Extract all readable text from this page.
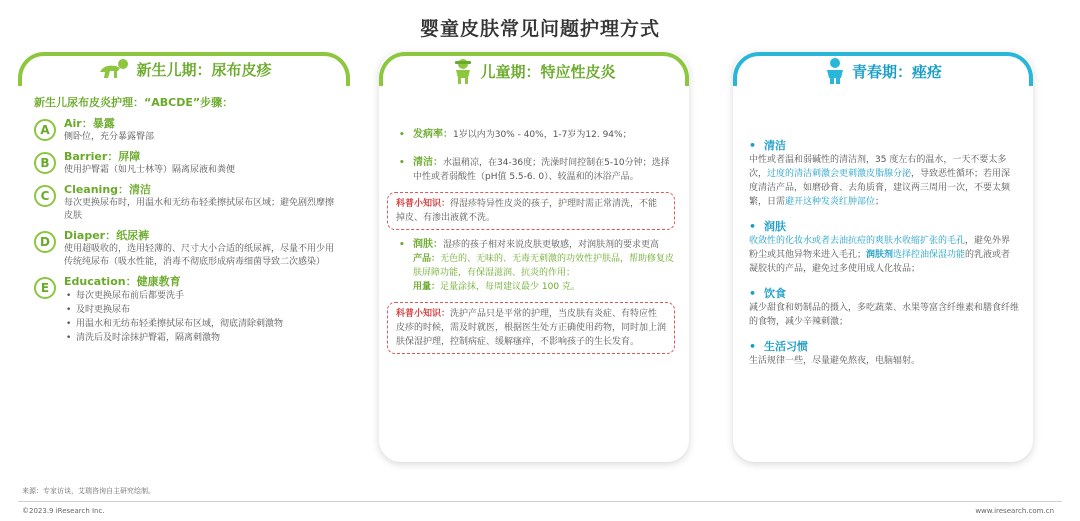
婴童皮肤常见问题护理方式
新生儿期：尿布皮疹
新生儿尿布皮炎护理：“ABCDE”步骤：
A	Air：暴露
侧卧位，充分暴露臀部
B	Barrier：屏障
使用护臀霜（如凡士林等）隔离尿液和粪便
C	Cleaning：清洁
每次更换尿布时，用温水和无纺布轻柔擦拭尿布区域；避免剧烈摩擦皮肤
D	Diaper：纸尿裤
使用超吸收的，选用轻薄的、尺寸大小合适的纸尿裤，尽量不用少用传统纯尿布（吸水性能，消毒不彻底形成病毒细菌导致二次感染）
E	Education：健康教育
• 每次更换尿布前后都要洗手
• 及时更换尿布
• 用温水和无纺布轻柔擦拭尿布区域，彻底清除刺激物
• 清洗后及时涂抹护臀霜，隔离刺激物
儿童期：特应性皮炎
• 发病率：1岁以内为30% - 40%，1-7岁为12. 94%；
• 清洁：水温稍凉，在34-36度；洗澡时间控制在5-10分钟；选择中性或者弱酸性（pH值 5.5-6. 0）、较温和的沐浴产品。
科普小知识：得湿疹特异性皮炎的孩子，护理时需正常清洗，不能掉皮、有渗出液就不洗。
• 润肤：湿疹的孩子相对来说皮肤更敏感，对润肤剂的要求更高
产品：无色的、无味的、无毒无刺激的功效性护肤品，帮助修复皮肤屏障功能，有保湿滋润、抗炎的作用；
用量：足量涂抹，每周建议最少 100 克。
科普小知识：洗护产品只是平常的护理，当皮肤有炎症、有特应性皮疹的时候，需及时就医，根据医生处方正确使用药物，同时加上润肤保湿护理，控制病症、缓解瘙痒，不影响孩子的生长发育。
青春期：痤疮
• 清洁
中性或者温和弱碱性的清洁剂，35 度左右的温水，一天不要太多次，过度的清洁刺激会更刺激皮脂腺分泌，导致恶性循环；若用深度清洁产品，如磨砂膏、去角质膏，建议两三周用一次，不要太频繁，日需避开这种发炎红肿部位；
• 润肤
收敛性的化妆水或者去油抗痘的爽肤水收缩扩张的毛孔，避免外界粉尘或其他异物来进入毛孔；润肤剂选择控油保湿功能的乳液或者凝胶状的产品，避免过多使用成人化妆品；
• 饮食
减少甜食和奶制品的摄入，多吃蔬菜、水果等富含纤维素和膳食纤维的食物，减少辛辣刺激；
• 生活习惯
生活规律一些，尽量避免熬夜，电脑辐射。
来源：专家访谈，艾瑞咨询自主研究绘制。
©2023.9 iResearch Inc.	www.iresearch.com.cn
